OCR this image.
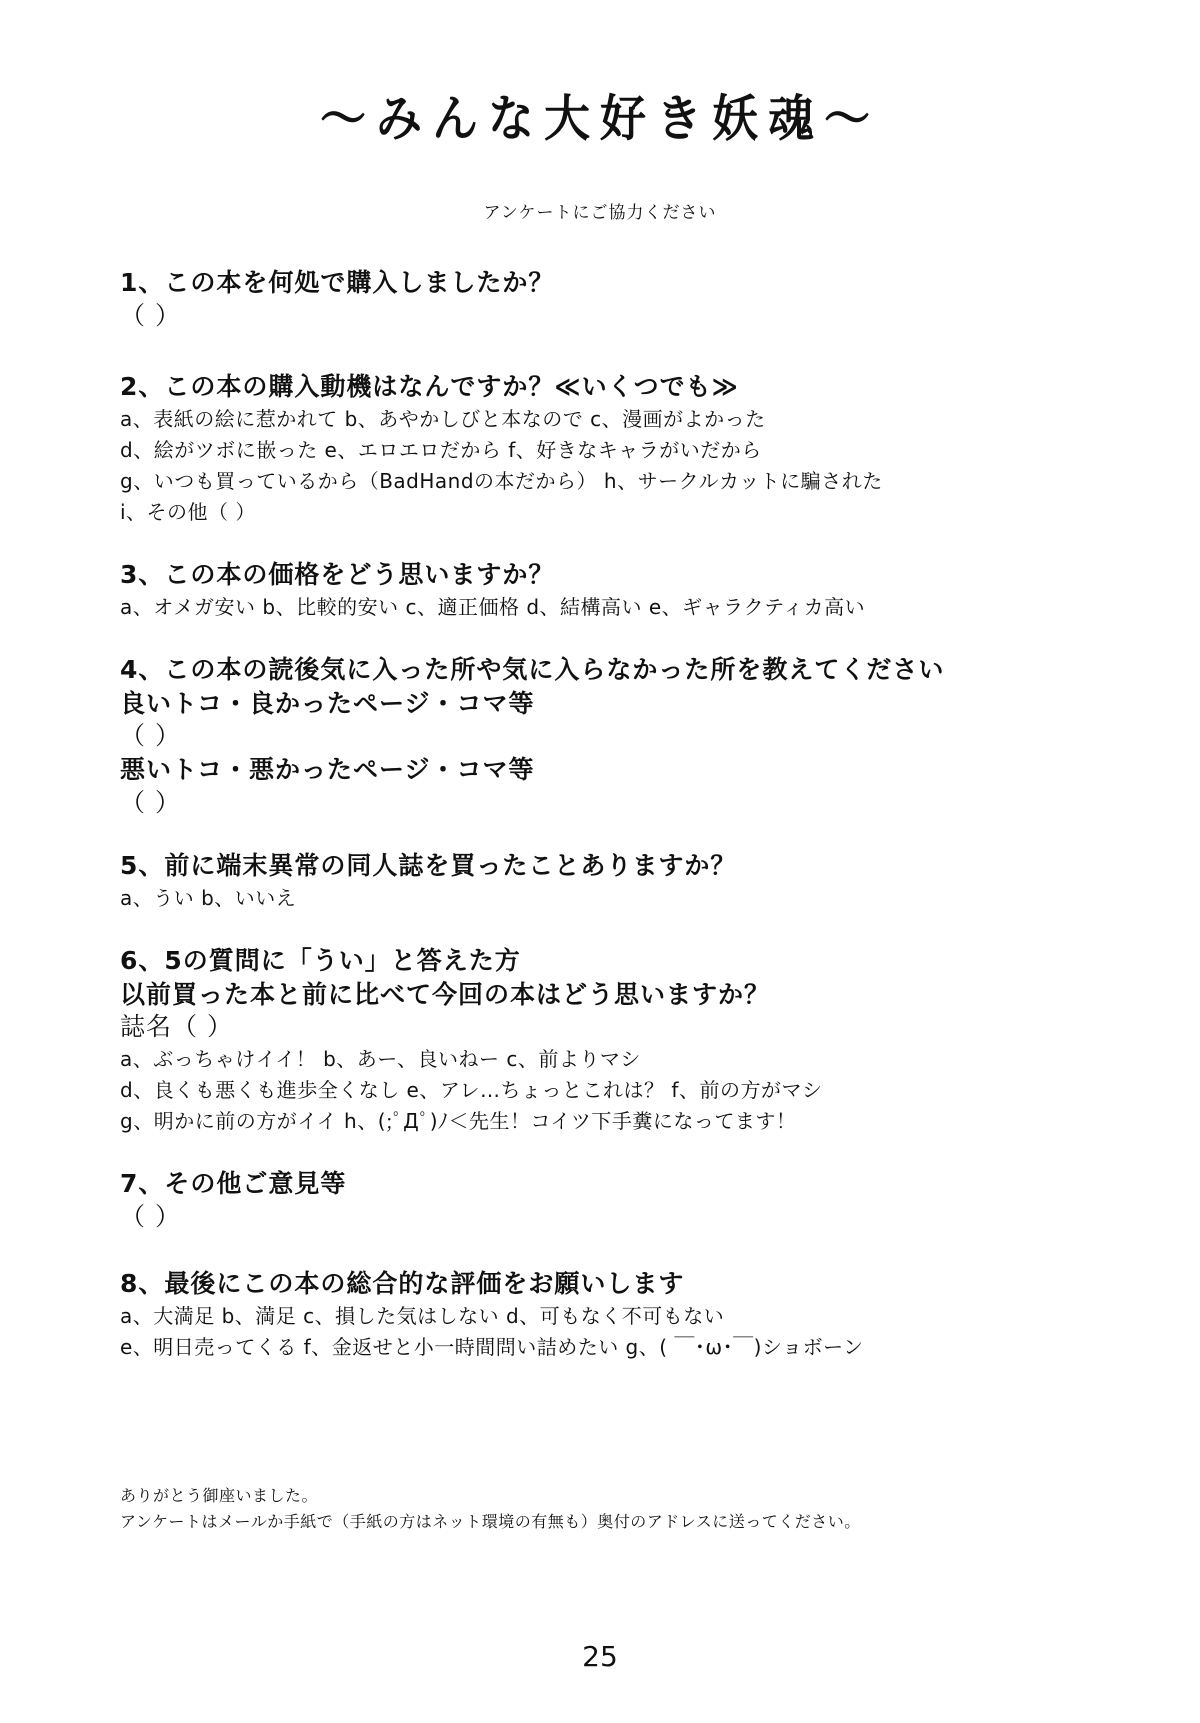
〜みんな大好き妖魂〜
アンケートにご協力ください
1、この本を何処で購入しましたか？
（ ）
2、この本の購入動機はなんですか？≪いくつでも≫
a、表紙の絵に惹かれて b、あやかしびと本なので c、漫画がよかった
d、絵がツボに嵌った e、エロエロだから f、好きなキャラがいだから
g、いつも買っているから（BadHandの本だから） h、サークルカットに騙された
i、その他（ ）
3、この本の価格をどう思いますか？
a、オメガ安い b、比較的安い c、適正価格 d、結構高い e、ギャラクティカ高い
4、この本の読後気に入った所や気に入らなかった所を教えてください
良いトコ・良かったページ・コマ等
（ ）
悪いトコ・悪かったページ・コマ等
（ ）
5、前に端末異常の同人誌を買ったことありますか？
a、うい b、いいえ
6、5の質問に「うい」と答えた方
以前買った本と前に比べて今回の本はどう思いますか？
誌名（ ）
a、ぶっちゃけイイ！ b、あー、良いねー c、前よりマシ
d、良くも悪くも進歩全くなし e、アレ…ちょっとこれは？ f、前の方がマシ
g、明かに前の方がイイ h、(;ﾟДﾟ)ﾉ＜先生！コイツ下手糞になってます！
7、その他ご意見等
（ ）
8、最後にこの本の総合的な評価をお願いします
a、大満足 b、満足 c、損した気はしない d、可もなく不可もない
e、明日売ってくる f、金返せと小一時間問い詰めたい g、( ￣･ω･￣)ショボーン
ありがとう御座いました。
アンケートはメールか手紙で（手紙の方はネット環境の有無も）奥付のアドレスに送ってください。
25
